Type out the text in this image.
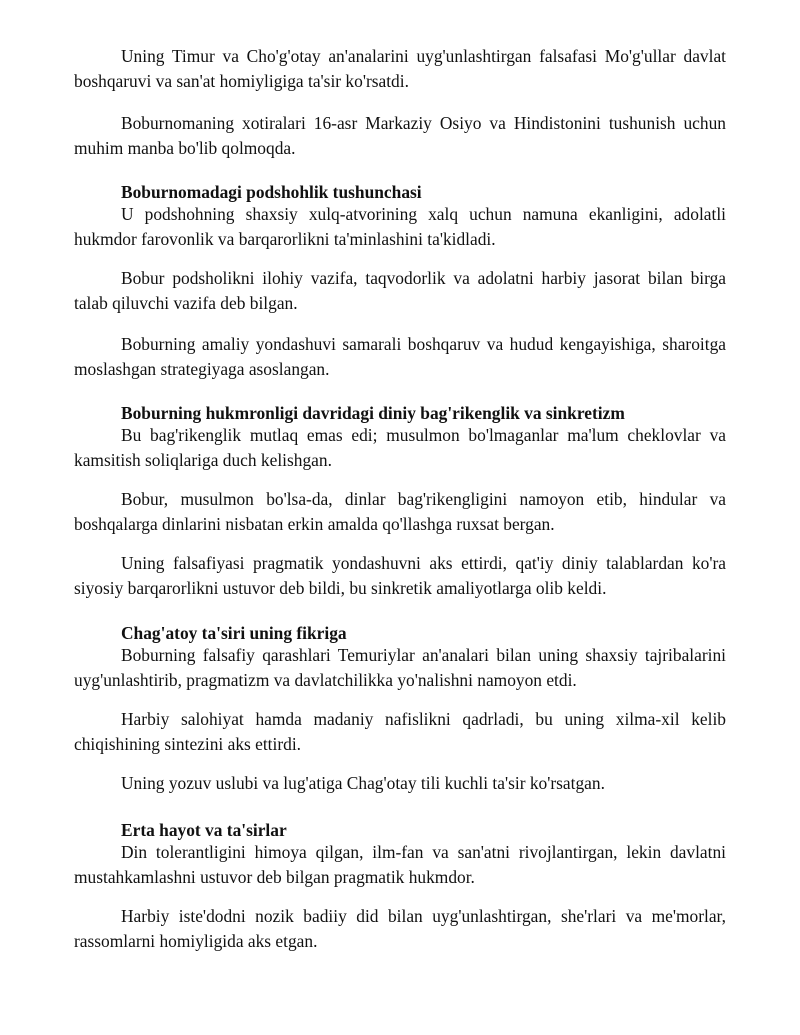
Uning Timur va Cho'g'otay an'analarini uyg'unlashtirgan falsafasi Mo'g'ullar davlat boshqaruvi va san'at homiyligiga ta'sir ko'rsatdi.

Boburnomaning xotiralari 16-asr Markaziy Osiyo va Hindistonini tushunish uchun muhim manba bo'lib qolmoqda.

Boburnomadagi podshohlik tushunchasi

U podshohning shaxsiy xulq-atvorining xalq uchun namuna ekanligini, adolatli hukmdor farovonlik va barqarorlikni ta'minlashini ta'kidladi.

Bobur podsholikni ilohiy vazifa, taqvodorlik va adolatni harbiy jasorat bilan birga talab qiluvchi vazifa deb bilgan.

Boburning amaliy yondashuvi samarali boshqaruv va hudud kengayishiga, sharoitga moslashgan strategiyaga asoslangan.

Boburning hukmronligi davridagi diniy bag'rikenglik va sinkretizm

Bu bag'rikenglik mutlaq emas edi; musulmon bo'lmaganlar ma'lum cheklovlar va kamsitish soliqlariga duch kelishgan.

Bobur, musulmon bo'lsa-da, dinlar bag'rikengligini namoyon etib, hindular va boshqalarga dinlarini nisbatan erkin amalda qo'llashga ruxsat bergan.

Uning falsafiyasi pragmatik yondashuvni aks ettirdi, qat'iy diniy talablardan ko'ra siyosiy barqarorlikni ustuvor deb bildi, bu sinkretik amaliyotlarga olib keldi.

Chag'atoy ta'siri uning fikriga

Boburning falsafiy qarashlari Temuriylar an'analari bilan uning shaxsiy tajribalarini uyg'unlashtirib, pragmatizm va davlatchilikka yo'nalishni namoyon etdi.

Harbiy salohiyat hamda madaniy nafislikni qadrladi, bu uning xilma-xil kelib chiqishining sintezini aks ettirdi.

Uning yozuv uslubi va lug'atiga Chag'otay tili kuchli ta'sir ko'rsatgan.

Erta hayot va ta'sirlar

Din tolerantligini himoya qilgan, ilm-fan va san'atni rivojlantirgan, lekin davlatni mustahkamlashni ustuvor deb bilgan pragmatik hukmdor.

Harbiy iste'dodni nozik badiiy did bilan uyg'unlashtirgan, she'rlari va me'morlar, rassomlarni homiyligida aks etgan.
